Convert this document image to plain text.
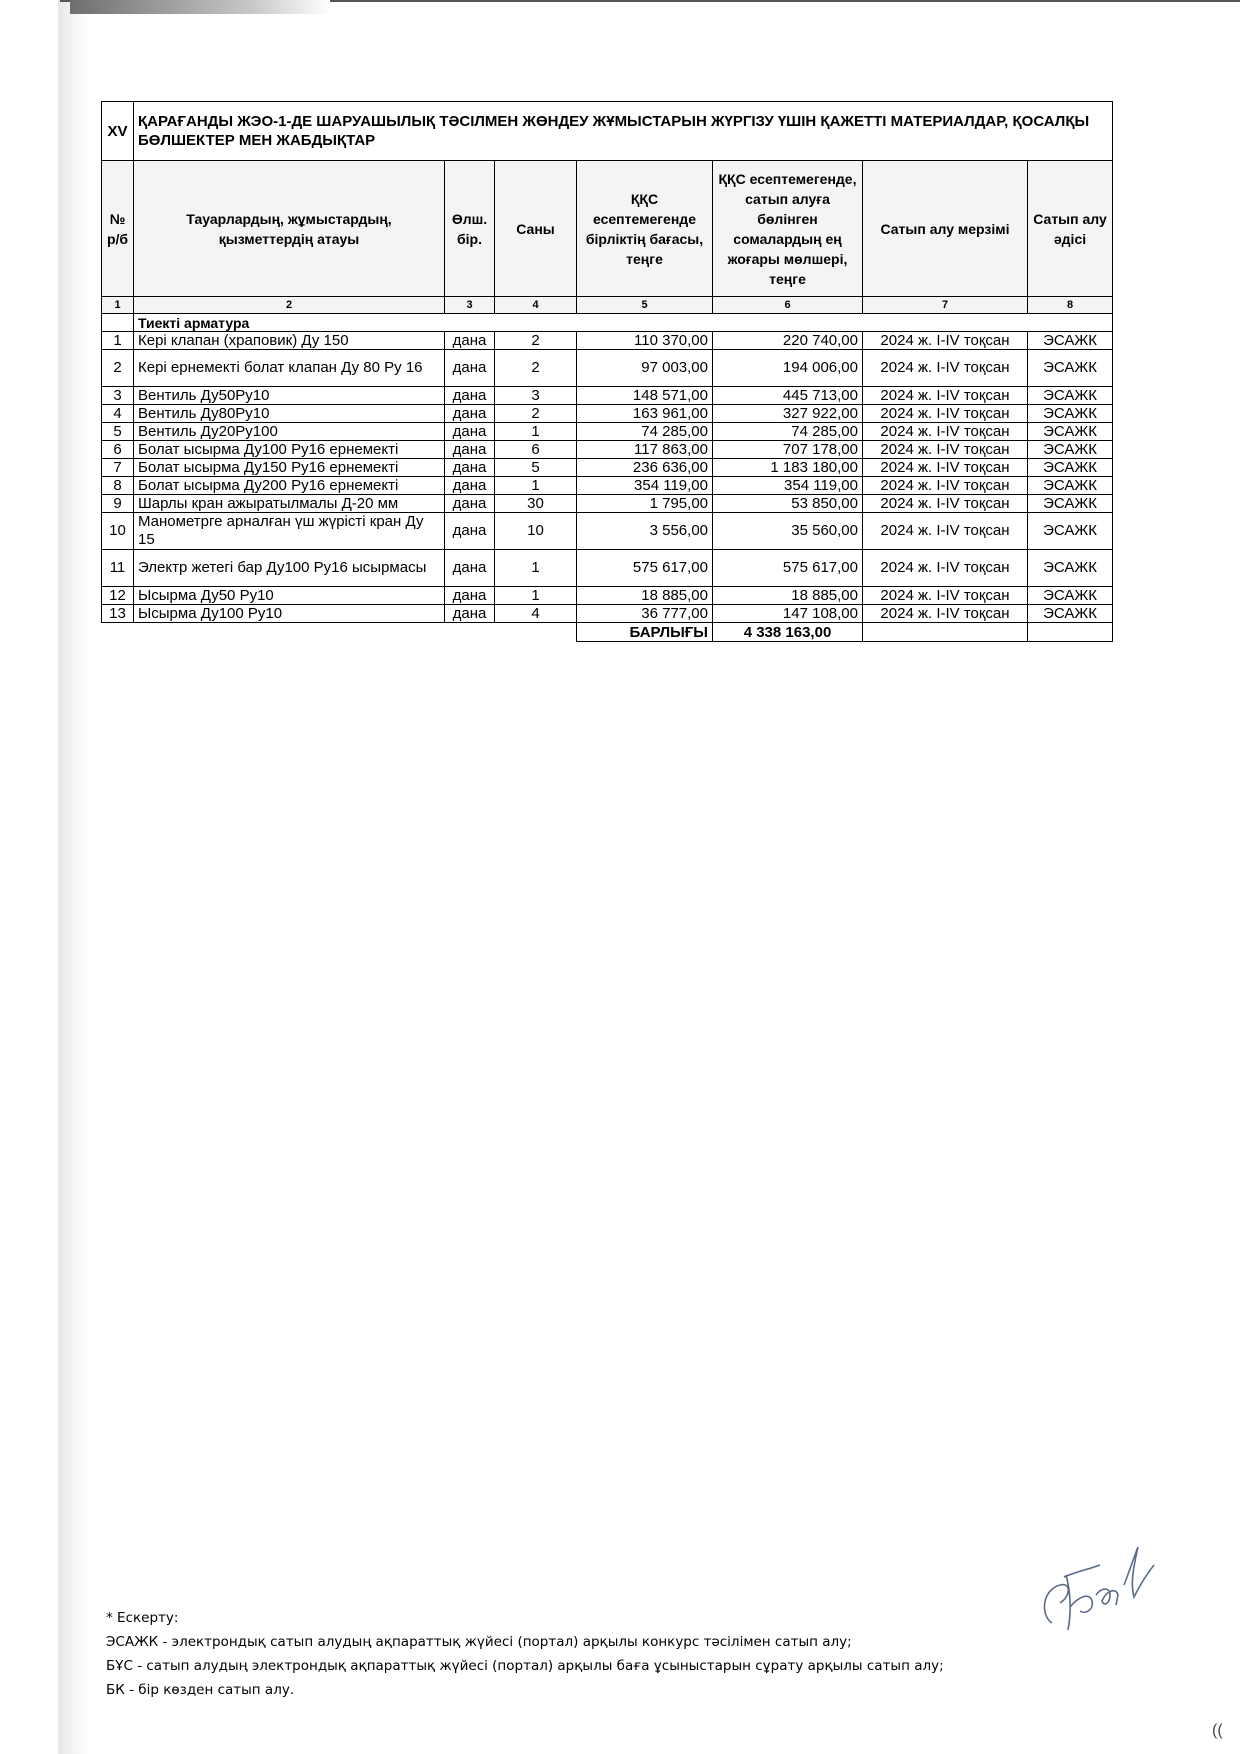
XV	ҚАРАҒАНДЫ ЖЭО-1-ДЕ ШАРУАШЫЛЫҚ ТӘСІЛМЕН ЖӨНДЕУ ЖҰМЫСТАРЫН ЖҮРГІЗУ ҮШІН ҚАЖЕТТІ МАТЕРИАЛДАР, ҚОСАЛҚЫ БӨЛШЕКТЕР МЕН ЖАБДЫҚТАР						
№ р/б	Тауарлардың, жұмыстардың, қызметтердің атауы	Өлш. бір.	Саны	ҚҚС есептемегенде бірліктің бағасы, теңге	ҚҚС есептемегенде, сатып алуға бөлінген сомалардың ең жоғары мөлшері, теңге	Сатып алу мерзімі	Сатып алу әдісі
1	2	3	4	5	6	7	8
	Тиекті арматура						
1	Кері клапан (храповик) Ду 150	дана	2	110 370,00	220 740,00	2024 ж. I-IV тоқсан	ЭСАЖК
2	Кері ернемекті болат клапан Ду 80 Ру 16	дана	2	97 003,00	194 006,00	2024 ж. I-IV тоқсан	ЭСАЖК
3	Вентиль Ду50Ру10	дана	3	148 571,00	445 713,00	2024 ж. I-IV тоқсан	ЭСАЖК
4	Вентиль Ду80Ру10	дана	2	163 961,00	327 922,00	2024 ж. I-IV тоқсан	ЭСАЖК
5	Вентиль Ду20Ру100	дана	1	74 285,00	74 285,00	2024 ж. I-IV тоқсан	ЭСАЖК
6	Болат ысырма Ду100 Ру16 ернемекті	дана	6	117 863,00	707 178,00	2024 ж. I-IV тоқсан	ЭСАЖК
7	Болат ысырма Ду150 Ру16 ернемекті	дана	5	236 636,00	1 183 180,00	2024 ж. I-IV тоқсан	ЭСАЖК
8	Болат ысырма Ду200 Ру16 ернемекті	дана	1	354 119,00	354 119,00	2024 ж. I-IV тоқсан	ЭСАЖК
9	Шарлы кран ажыратылмалы Д-20 мм	дана	30	1 795,00	53 850,00	2024 ж. I-IV тоқсан	ЭСАЖК
10	Манометрге арналған үш жүрісті кран Ду 15	дана	10	3 556,00	35 560,00	2024 ж. I-IV тоқсан	ЭСАЖК
11	Электр жетегі бар Ду100 Ру16 ысырмасы	дана	1	575 617,00	575 617,00	2024 ж. I-IV тоқсан	ЭСАЖК
12	Ысырма Ду50 Ру10	дана	1	18 885,00	18 885,00	2024 ж. I-IV тоқсан	ЭСАЖК
13	Ысырма Ду100 Ру10	дана	4	36 777,00	147 108,00	2024 ж. I-IV тоқсан	ЭСАЖК
				БАРЛЫҒЫ	4 338 163,00		
* Ескерту:
ЭСАЖК - электрондық сатып алудың ақпараттық жүйесі (портал) арқылы конкурс тәсілімен сатып алу;
БҰС - сатып алудың электрондық ақпараттық жүйесі (портал) арқылы баға ұсыныстарын сұрату арқылы сатып алу;
БК - бір көзден сатып алу.
((
